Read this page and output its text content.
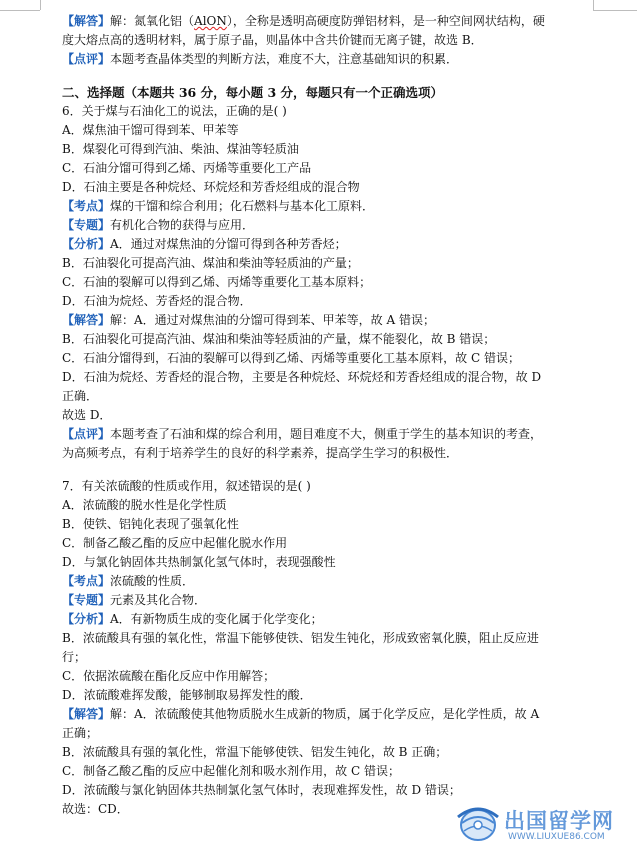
【解答】解：氮氧化铝（AlON），全称是透明高硬度防弹铝材料，是一种空间网状结构，硬
度大熔点高的透明材料，属于原子晶，则晶体中含共价键而无离子键，故选 B．
【点评】本题考查晶体类型的判断方法，难度不大，注意基础知识的积累．
二、选择题（本题共 36 分，每小题 3 分，每题只有一个正确选项）
6．关于煤与石油化工的说法，正确的是( )
A．煤焦油干馏可得到苯、甲苯等
B．煤裂化可得到汽油、柴油、煤油等轻质油
C．石油分馏可得到乙烯、丙烯等重要化工产品
D．石油主要是各种烷烃、环烷烃和芳香烃组成的混合物
【考点】煤的干馏和综合利用；化石燃料与基本化工原料．
【专题】有机化合物的获得与应用．
【分析】A．通过对煤焦油的分馏可得到各种芳香烃；
B．石油裂化可提高汽油、煤油和柴油等轻质油的产量；
C．石油的裂解可以得到乙烯、丙烯等重要化工基本原料；
D．石油为烷烃、芳香烃的混合物．
【解答】解：A．通过对煤焦油的分馏可得到苯、甲苯等，故 A 错误；
B．石油裂化可提高汽油、煤油和柴油等轻质油的产量，煤不能裂化，故 B 错误；
C．石油分馏得到，石油的裂解可以得到乙烯、丙烯等重要化工基本原料，故 C 错误；
D．石油为烷烃、芳香烃的混合物，主要是各种烷烃、环烷烃和芳香烃组成的混合物，故 D
正确．
故选 D．
【点评】本题考查了石油和煤的综合利用，题目难度不大，侧重于学生的基本知识的考查，
为高频考点，有利于培养学生的良好的科学素养，提高学生学习的积极性．
7．有关浓硫酸的性质或作用，叙述错误的是( )
A．浓硫酸的脱水性是化学性质
B．使铁、铝钝化表现了强氧化性
C．制备乙酸乙酯的反应中起催化脱水作用
D．与氯化钠固体共热制氯化氢气体时，表现强酸性
【考点】浓硫酸的性质．
【专题】元素及其化合物．
【分析】A．有新物质生成的变化属于化学变化；
B．浓硫酸具有强的氧化性，常温下能够使铁、铝发生钝化，形成致密氧化膜，阻止反应进
行；
C．依据浓硫酸在酯化反应中作用解答；
D．浓硫酸难挥发酸，能够制取易挥发性的酸．
【解答】解：A．浓硫酸使其他物质脱水生成新的物质，属于化学反应，是化学性质，故 A
正确；
B．浓硫酸具有强的氧化性，常温下能够使铁、铝发生钝化，故 B 正确；
C．制备乙酸乙酯的反应中起催化剂和吸水剂作用，故 C 错误；
D．浓硫酸与氯化钠固体共热制氯化氢气体时，表现难挥发性，故 D 错误；
故选：CD．	出国留学网
WWW.LIUXUE86.COM
